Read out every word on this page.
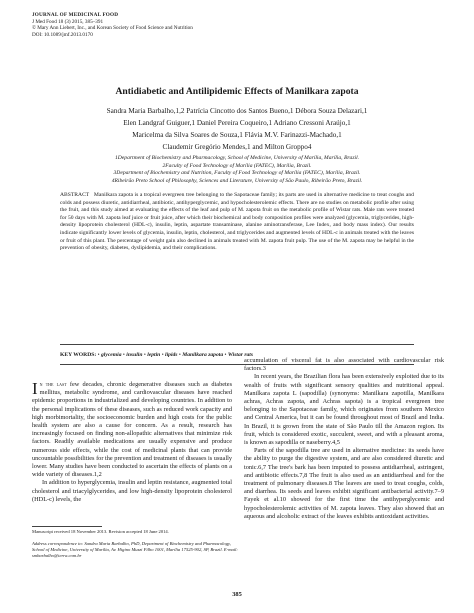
JOURNAL OF MEDICINAL FOOD
J Med Food 18 (3) 2015, 385–391
© Mary Ann Liebert, Inc., and Korean Society of Food Science and Nutrition
DOI: 10.1089/jmf.2013.0170
Antidiabetic and Antilipidemic Effects of Manilkara zapota
Sandra Maria Barbalho,1,2 Patrícia Cincotto dos Santos Bueno,1 Débora Souza Delazari,1
Elen Landgraf Guiguer,1 Daniel Pereira Coqueiro,1 Adriano Cressoni Araújo,1
Maricelma da Silva Soares de Souza,1 Flávia M.V. Farinazzi-Machado,1
Claudemir Gregório Mendes,1 and Milton Groppo4
1Department of Biochemistry and Pharmacology, School of Medicine, University of Marília, Marília, Brazil.
2Faculty of Food Technology of Marília (FATEC), Marília, Brazil.
3Department of Biochemistry and Nutrition, Faculty of Food Technology of Marília (FATEC), Marília, Brazil.
4Ribeirão Preto School of Philosophy, Sciences and Literature, University of São Paulo, Ribeirão Preto, Brazil.
ABSTRACT Manilkara zapota is a tropical evergreen tree belonging to the Sapotaceae family; its parts are used in alternative medicine to treat coughs and colds and possess diuretic, antidiarrheal, antibiotic, antihyperglycemic, and hypocholesterolemic effects. There are no studies on metabolic profile after using the fruit, and this study aimed at evaluating the effects of the leaf and pulp of M. zapota fruit on the metabolic profile of Wistar rats. Male rats were treated for 50 days with M. zapota leaf juice or fruit juice, after which their biochemical and body composition profiles were analyzed (glycemia, triglycerides, high-density lipoprotein cholesterol (HDL-c), insulin, leptin, aspartate transaminase, alanine aminotransferase, Lee Index, and body mass index). Our results indicate significantly lower levels of glycemia, insulin, leptin, cholesterol, and triglycerides and augmented levels of HDL-c in animals treated with the leaves or fruit of this plant. The percentage of weight gain also declined in animals treated with M. zapota fruit pulp. The use of the M. zapota may be helpful in the prevention of obesity, diabetes, dyslipidemia, and their complications.
KEY WORDS: • glycemia • insulin • leptin • lipids • Manilkara zapota • Wistar rats

In the last few decades, chronic degenerative diseases such as diabetes mellitus, metabolic syndrome, and cardiovascular diseases have reached epidemic proportions in industrialized and developing countries. In addition to the personal implications of these diseases, such as reduced work capacity and high morbimortality, the socioeconomic burden and high costs for the public health system are also a cause for concern. As a result, research has increasingly focused on finding non-allopathic alternatives that minimize risk factors. Readily available medications are usually expensive and produce numerous side effects, while the cost of medicinal plants that can provide uncountable possibilities for the prevention and treatment of diseases is usually lower. Many studies have been conducted to ascertain the effects of plants on a wide variety of diseases.1,2

In addition to hyperglycemia, insulin and leptin resistance, augmented total cholesterol and triacylglycerides, and low high-density lipoprotein cholesterol (HDL-c) levels, the

accumulation of visceral fat is also associated with cardiovascular risk factors.3

In recent years, the Brazilian flora has been extensively exploited due to its wealth of fruits with significant sensory qualities and nutritional appeal. Manilkara zapota L (sapodilla) (synonyms: Manilkara zapotilla, Manilkara achras, Achras zapota, and Achras sapota) is a tropical evergreen tree belonging to the Sapotaceae family, which originates from southern Mexico and Central America, but it can be found throughout most of Brazil and India. In Brazil, it is grown from the state of São Paulo till the Amazon region. Its fruit, which is considered exotic, succulent, sweet, and with a pleasant aroma, is known as sapodilla or naseberry.4,5

Parts of the sapodilla tree are used in alternative medicine: its seeds have the ability to purge the digestive system, and are also considered diuretic and tonic.6,7 The tree's bark has been imputed to possess antidiarrheal, astringent, and antibiotic effects.7,8 The fruit is also used as an antidiarrheal and for the treatment of pulmonary diseases.8 The leaves are used to treat coughs, colds, and diarrhea. Its seeds and leaves exhibit significant antibacterial activity.7–9 Fayek et al.10 showed for the first time the antihyperglycemic and hypocholesterolemic activities of M. zapota leaves. They also showed that an aqueous and alcoholic extract of the leaves exhibits antioxidant activities.

Manuscript received 18 November 2013. Revision accepted 18 June 2014.
Address correspondence to: Sandra Maria Barbalho, PhD, Department of Biochemistry and Pharmacology, School of Medicine, University of Marília, Av. Higino Muzzi Filho 1001, Marília 17525-902, SP, Brazil. E-mail: smbarbalho@terra.com.br
385
